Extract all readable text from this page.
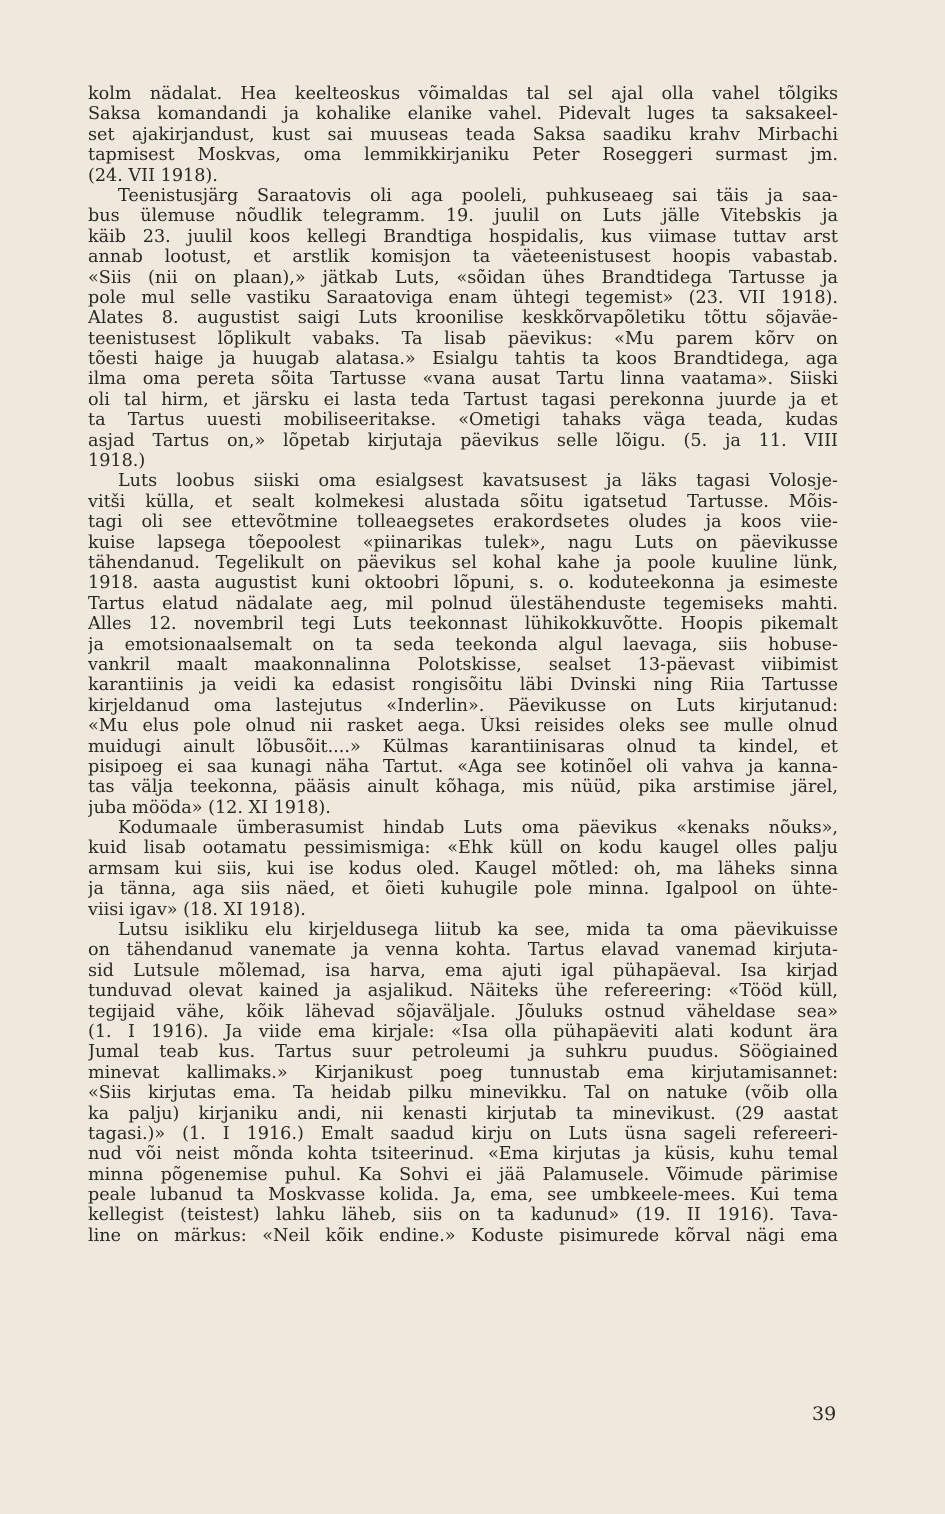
kolm nädalat. Hea keelteoskus võimaldas tal sel ajal olla vahel tõlgiks
Saksa komandandi ja kohalike elanike vahel. Pidevalt luges ta saksakeel-
set ajakirjandust, kust sai muuseas teada Saksa saadiku krahv Mirbachi
tapmisest Moskvas, oma lemmikkirjaniku Peter Roseggeri surmast jm.
(24. VII 1918).
Teenistusjärg Saraatovis oli aga pooleli, puhkuseaeg sai täis ja saa-
bus ülemuse nõudlik telegramm. 19. juulil on Luts jälle Vitebskis ja
käib 23. juulil koos kellegi Brandtiga hospidalis, kus viimase tuttav arst
annab lootust, et arstlik komisjon ta väeteenistusest hoopis vabastab.
«Siis (nii on plaan),» jätkab Luts, «sõidan ühes Brandtidega Tartusse ja
pole mul selle vastiku Saraatoviga enam ühtegi tegemist» (23. VII 1918).
Alates 8. augustist saigi Luts kroonilise keskkõrvapõletiku tõttu sõjaväe-
teenistusest lõplikult vabaks. Ta lisab päevikus: «Mu parem kõrv on
tõesti haige ja huugab alatasa.» Esialgu tahtis ta koos Brandtidega, aga
ilma oma pereta sõita Tartusse «vana ausat Tartu linna vaatama». Siiski
oli tal hirm, et järsku ei lasta teda Tartust tagasi perekonna juurde ja et
ta Tartus uuesti mobiliseeritakse. «Ometigi tahaks väga teada, kudas
asjad Tartus on,» lõpetab kirjutaja päevikus selle lõigu. (5. ja 11. VIII
1918.)
Luts loobus siiski oma esialgsest kavatsusest ja läks tagasi Volosje-
vitši külla, et sealt kolmekesi alustada sõitu igatsetud Tartusse. Mõis-
tagi oli see ettevõtmine tolleaegsetes erakordsetes oludes ja koos viie-
kuise lapsega tõepoolest «piinarikas tulek», nagu Luts on päevikusse
tähendanud. Tegelikult on päevikus sel kohal kahe ja poole kuuline lünk,
1918. aasta augustist kuni oktoobri lõpuni, s. o. koduteekonna ja esimeste
Tartus elatud nädalate aeg, mil polnud ülestähenduste tegemiseks mahti.
Alles 12. novembril tegi Luts teekonnast lühikokkuvõtte. Hoopis pikemalt
ja emotsionaalsemalt on ta seda teekonda algul laevaga, siis hobuse-
vankril maalt maakonnalinna Polotskisse, sealset 13-päevast viibimist
karantiinis ja veidi ka edasist rongisõitu läbi Dvinski ning Riia Tartusse
kirjeldanud oma lastejutus «Inderlin». Päevikusse on Luts kirjutanud:
«Mu elus pole olnud nii rasket aega. Üksi reisides oleks see mulle olnud
muidugi ainult lõbusõit....» Külmas karantiinisaras olnud ta kindel, et
pisipoeg ei saa kunagi näha Tartut. «Aga see kotinõel oli vahva ja kanna-
tas välja teekonna, pääsis ainult kõhaga, mis nüüd, pika arstimise järel,
juba mööda» (12. XI 1918).
Kodumaale ümberasumist hindab Luts oma päevikus «kenaks nõuks»,
kuid lisab ootamatu pessimismiga: «Ehk küll on kodu kaugel olles palju
armsam kui siis, kui ise kodus oled. Kaugel mõtled: oh, ma läheks sinna
ja tänna, aga siis näed, et õieti kuhugile pole minna. Igalpool on ühte-
viisi igav» (18. XI 1918).
Lutsu isikliku elu kirjeldusega liitub ka see, mida ta oma päevikuisse
on tähendanud vanemate ja venna kohta. Tartus elavad vanemad kirjuta-
sid Lutsule mõlemad, isa harva, ema ajuti igal pühapäeval. Isa kirjad
tunduvad olevat kained ja asjalikud. Näiteks ühe refereering: «Tööd küll,
tegijaid vähe, kõik lähevad sõjaväljale. Jõuluks ostnud väheldase sea»
(1. I 1916). Ja viide ema kirjale: «Isa olla pühapäeviti alati kodunt ära
Jumal teab kus. Tartus suur petroleumi ja suhkru puudus. Söögiained
minevat kallimaks.» Kirjanikust poeg tunnustab ema kirjutamisannet:
«Siis kirjutas ema. Ta heidab pilku minevikku. Tal on natuke (võib olla
ka palju) kirjaniku andi, nii kenasti kirjutab ta minevikust. (29 aastat
tagasi.)» (1. I 1916.) Emalt saadud kirju on Luts üsna sageli refereeri-
nud või neist mõnda kohta tsiteerinud. «Ema kirjutas ja küsis, kuhu temal
minna põgenemise puhul. Ka Sohvi ei jää Palamusele. Võimude pärimise
peale lubanud ta Moskvasse kolida. Ja, ema, see umbkeele-mees. Kui tema
kellegist (teistest) lahku läheb, siis on ta kadunud» (19. II 1916). Tava-
line on märkus: «Neil kõik endine.» Koduste pisimurede kõrval nägi ema
39
